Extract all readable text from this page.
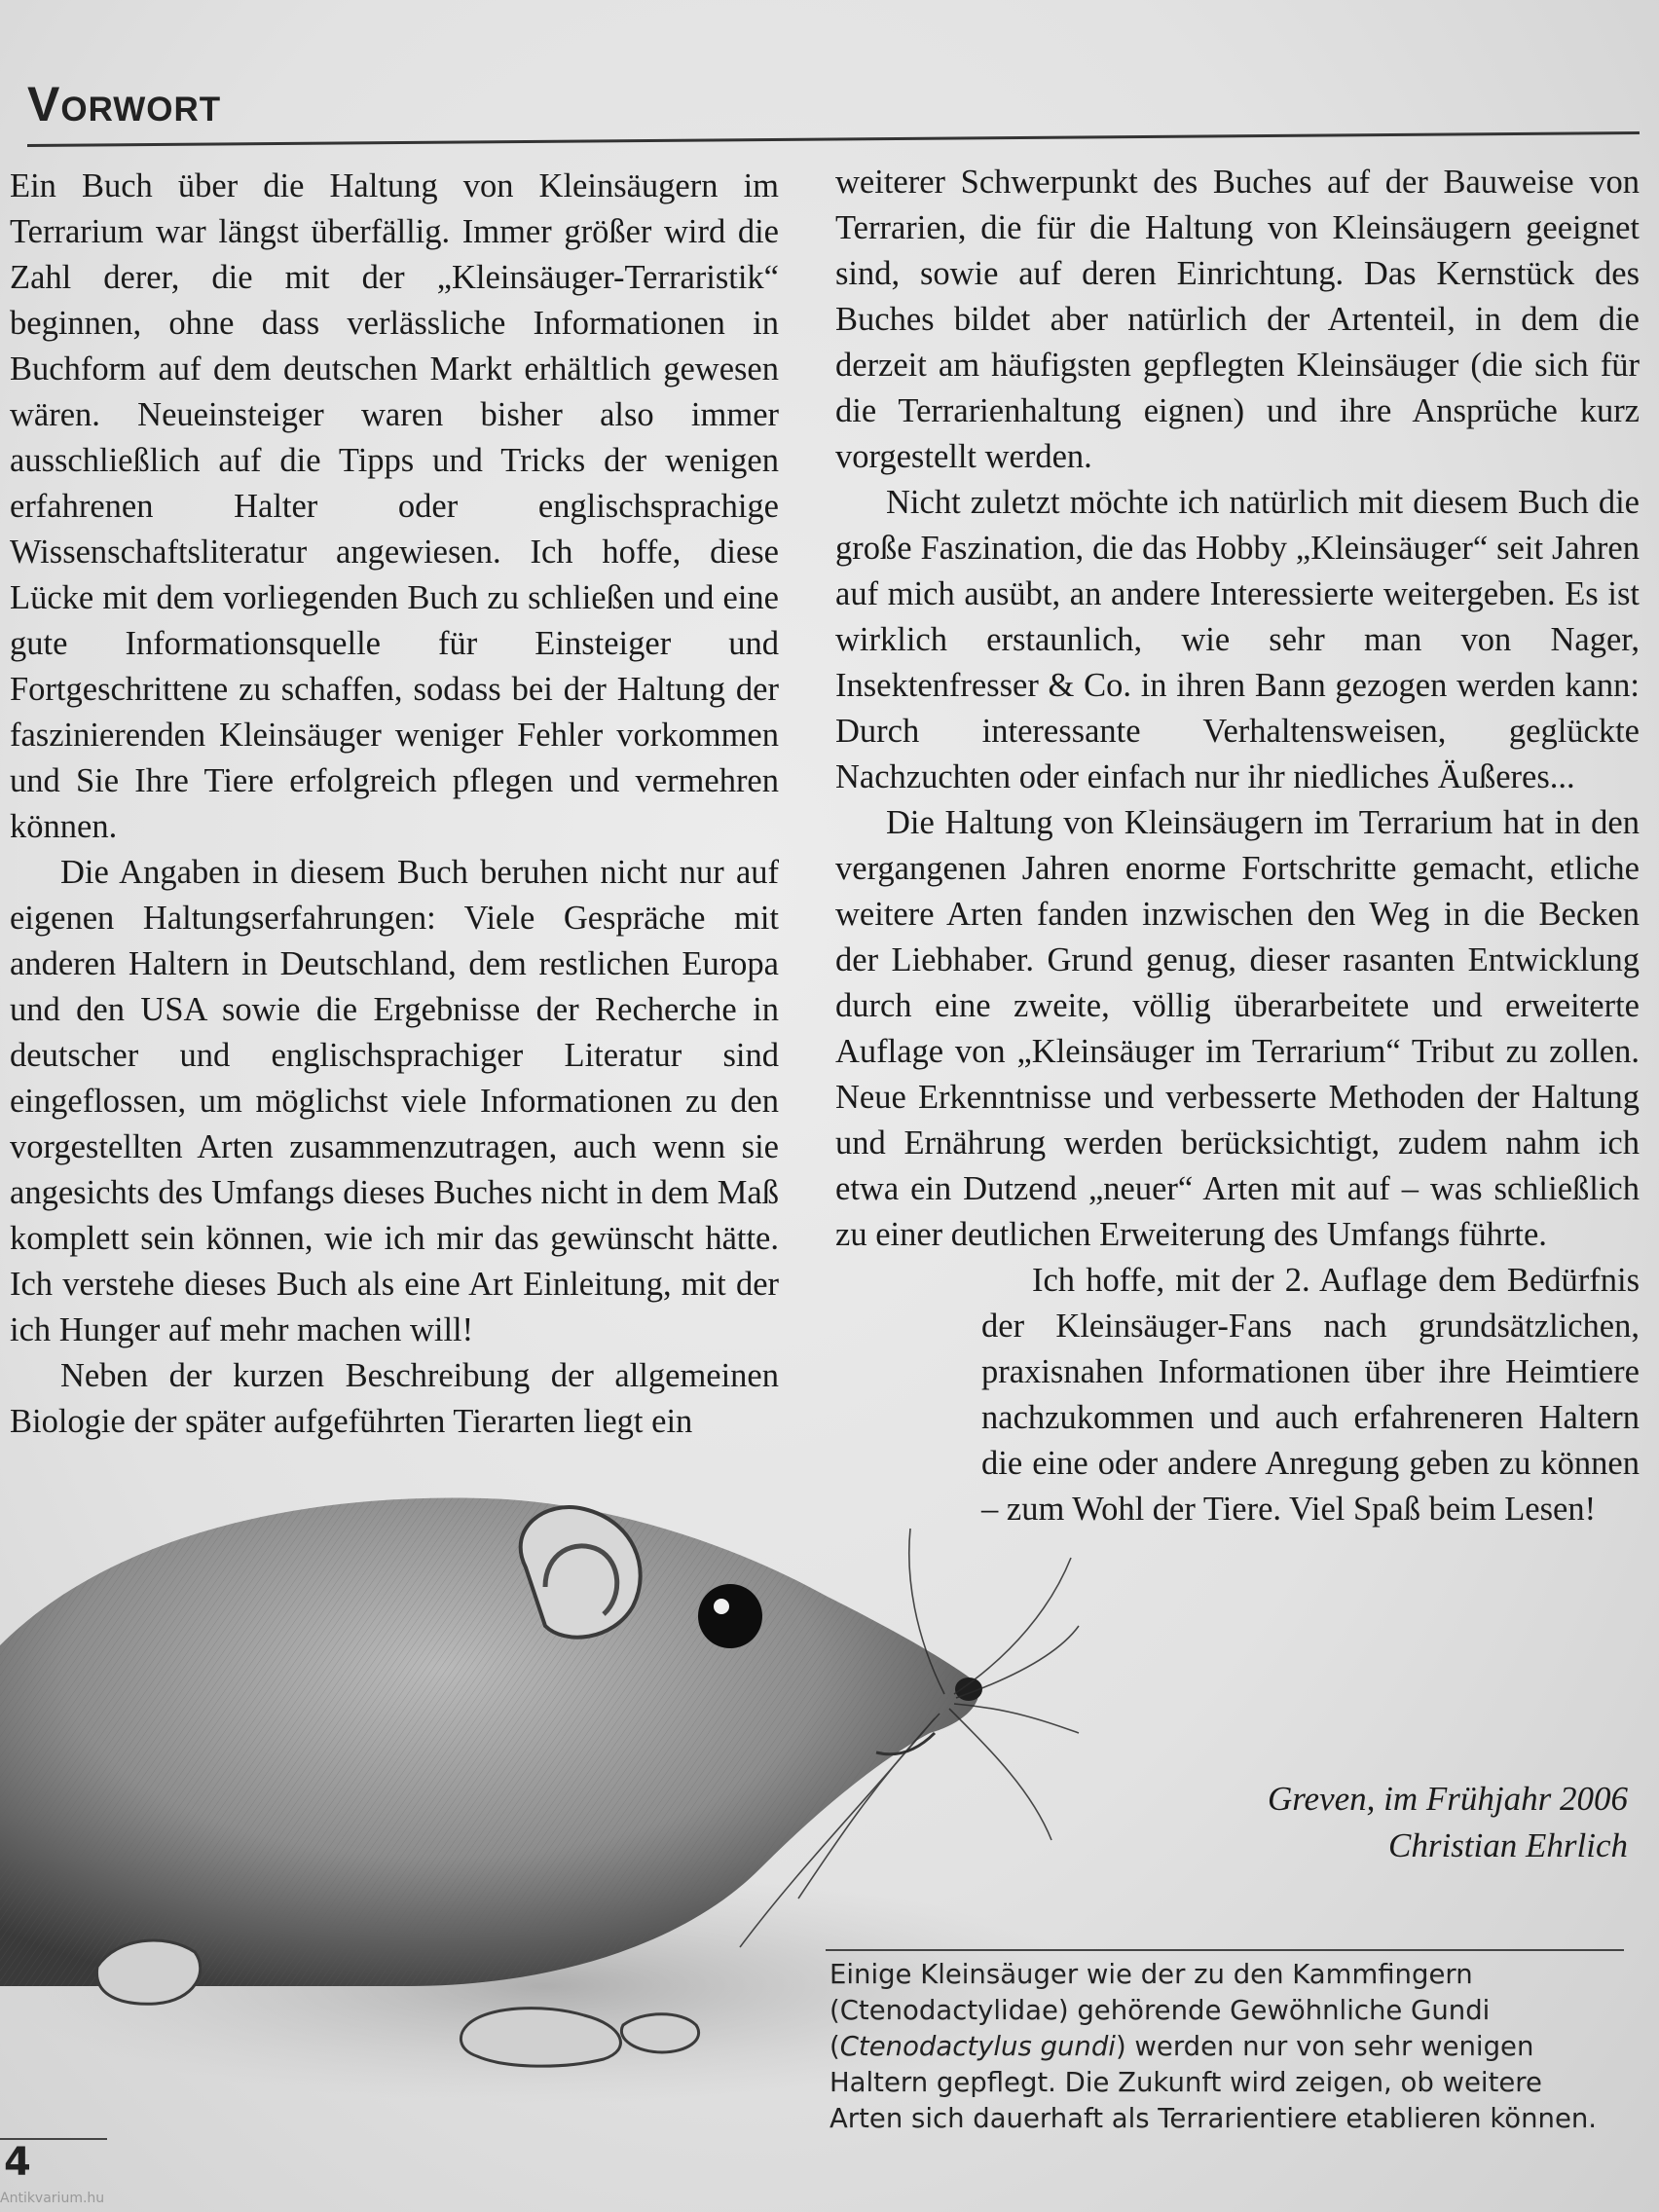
Vorwort

Ein Buch über die Haltung von Kleinsäugern im Terrarium war längst überfällig. Immer größer wird die Zahl derer, die mit der „Kleinsäuger-Terraristik“ beginnen, ohne dass verlässliche Informationen in Buchform auf dem deutschen Markt erhältlich gewesen wären. Neueinsteiger waren bisher also immer ausschließlich auf die Tipps und Tricks der wenigen erfahrenen Halter oder englischsprachige Wissenschaftsliteratur angewiesen. Ich hoffe, diese Lücke mit dem vorliegenden Buch zu schließen und eine gute Informationsquelle für Einsteiger und Fortgeschrittene zu schaffen, sodass bei der Haltung der faszinierenden Kleinsäuger weniger Fehler vorkommen und Sie Ihre Tiere erfolgreich pflegen und vermehren können.

Die Angaben in diesem Buch beruhen nicht nur auf eigenen Haltungserfahrungen: Viele Gespräche mit anderen Haltern in Deutschland, dem restlichen Europa und den USA sowie die Ergebnisse der Recherche in deutscher und englischsprachiger Literatur sind eingeflossen, um möglichst viele Informationen zu den vorgestellten Arten zusammenzutragen, auch wenn sie angesichts des Umfangs dieses Buches nicht in dem Maß komplett sein können, wie ich mir das gewünscht hätte. Ich verstehe dieses Buch als eine Art Einleitung, mit der ich Hunger auf mehr machen will!

Neben der kurzen Beschreibung der allgemeinen Biologie der später aufgeführten Tierarten liegt ein

weiterer Schwerpunkt des Buches auf der Bauweise von Terrarien, die für die Haltung von Kleinsäugern geeignet sind, sowie auf deren Einrichtung. Das Kernstück des Buches bildet aber natürlich der Artenteil, in dem die derzeit am häufigsten gepflegten Kleinsäuger (die sich für die Terrarienhaltung eignen) und ihre Ansprüche kurz vorgestellt werden.

Nicht zuletzt möchte ich natürlich mit diesem Buch die große Faszination, die das Hobby „Kleinsäuger“ seit Jahren auf mich ausübt, an andere Interessierte weitergeben. Es ist wirklich erstaunlich, wie sehr man von Nager, Insektenfresser & Co. in ihren Bann gezogen werden kann: Durch interessante Verhaltensweisen, geglückte Nachzuchten oder einfach nur ihr niedliches Äußeres...

Die Haltung von Kleinsäugern im Terrarium hat in den vergangenen Jahren enorme Fortschritte gemacht, etliche weitere Arten fanden inzwischen den Weg in die Becken der Liebhaber. Grund genug, dieser rasanten Entwicklung durch eine zweite, völlig überarbeitete und erweiterte Auflage von „Kleinsäuger im Terrarium“ Tribut zu zollen. Neue Erkenntnisse und verbesserte Methoden der Haltung und Ernährung werden berücksichtigt, zudem nahm ich etwa ein Dutzend „neuer“ Arten mit auf – was schließlich zu einer deutlichen Erweiterung des Umfangs führte.

Ich hoffe, mit der 2. Auflage dem Bedürfnis der Kleinsäuger-Fans nach grundsätzlichen, praxisnahen Informationen über ihre Heimtiere nachzukommen und auch erfahreneren Haltern die eine oder andere Anregung geben zu können – zum Wohl der Tiere. Viel Spaß beim Lesen!

Greven, im Frühjahr 2006
Christian Ehrlich

Einige Kleinsäuger wie der zu den Kammfingern (Ctenodactylidae) gehörende Gewöhnliche Gundi (Ctenodactylus gundi) werden nur von sehr wenigen Haltern gepflegt. Die Zukunft wird zeigen, ob weitere Arten sich dauerhaft als Terrarientiere etablieren können.

4
Antikvarium.hu
